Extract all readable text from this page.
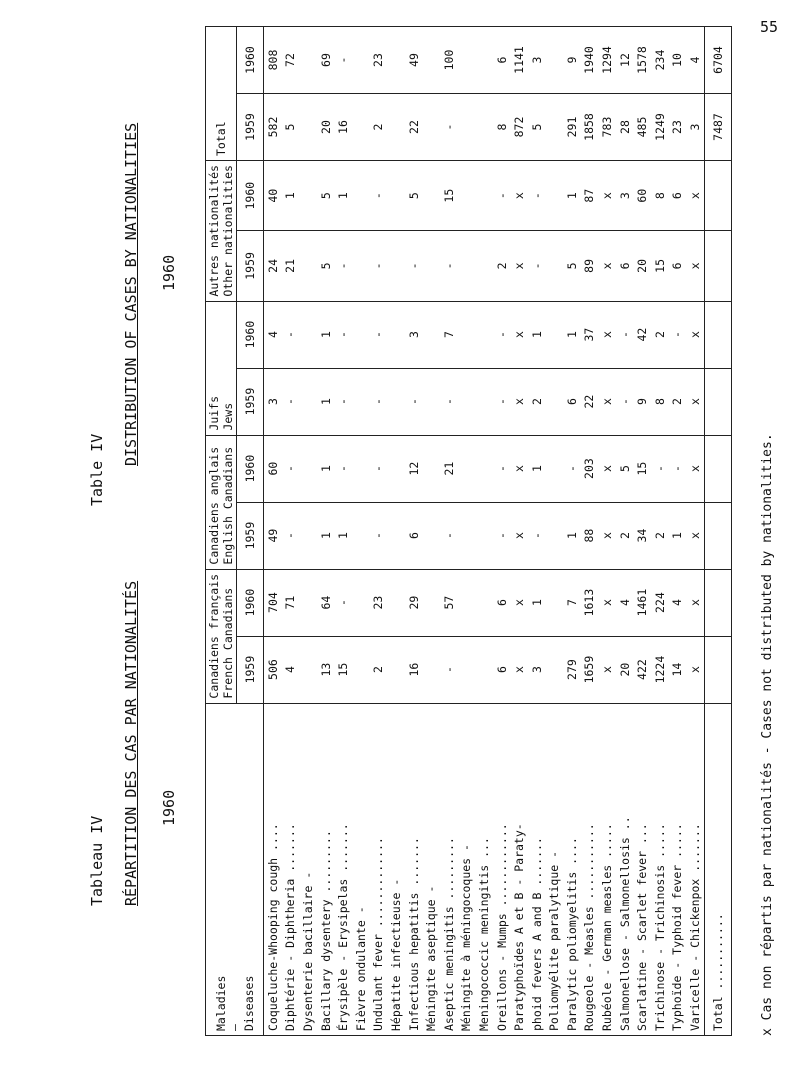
55
Tableau IV
Table IV
RÉPARTITION DES CAS PAR NATIONALITÉS
DISTRIBUTION OF CASES BY NATIONALITIES
1960
1960
Maladies
—
Diseases	Canadiens français
French Canadians		Canadiens anglais
English Canadians		Juifs
Jews		Autres nationalités
Other nationalities		Total	
	1959	1960	1959	1960	1959	1960	1959	1960	1959	1960
Coqueluche-Whooping cough ....	506	704	49	60	3	4	24	40	582	808
Diphtérie - Diphtheria .......	4	71	-	-	-	-	21	1	5	72
Dysenterie bacillaire -										
Bacillary dysentery .........	13	64	1	1	1	1	5	5	20	69
Érysipèle - Erysipelas .......	15	-	1	-	-	-	-	1	16	-
Fièvre ondulante -										
Undulant fever .............	2	23	-	-	-	-	-	-	2	23
Hépatite infectieuse -										
Infectious hepatitis .......	16	29	6	12	-	3	-	5	22	49
Méningite aseptique -										
Aseptic meningitis .........	-	57	-	21	-	7	-	15	-	100
Méningite à méningocoques -										
Meningococcic meningitis ...										
Oreillons - Mumps ............	6	6	-	-	-	-	2	-	8	6
Paratyphoïdes A et B - Paraty-	x	x	x	x	x	x	x	x	872	1141
phoid fevers A and B .......	3	1	-	1	2	1	-	-	5	3
Poliomyélite paralytique -										
Paralytic poliomyelitis ....	279	7	1	-	6	1	5	1	291	9
Rougeole - Measles ...........	1659	1613	88	203	22	37	89	87	1858	1940
Rubéole - German measles .....	x	x	x	x	x	x	x	x	783	1294
Salmonellose - Salmonellosis ..	20	4	2	5	-	-	6	3	28	12
Scarlatine - Scarlet fever ...	422	1461	34	15	9	42	20	60	485	1578
Trichinose - Trichinosis .....	1224	224	2	-	8	2	15	8	1249	234
Typhoïde - Typhoid fever .....	14	4	1	-	2	-	6	6	23	10
Varicelle - Chickenpox .......	x	x	x	x	x	x	x	x	3	4
Total ...........									7487	6704
x Cas non répartis par nationalités - Cases not distributed by nationalities.
